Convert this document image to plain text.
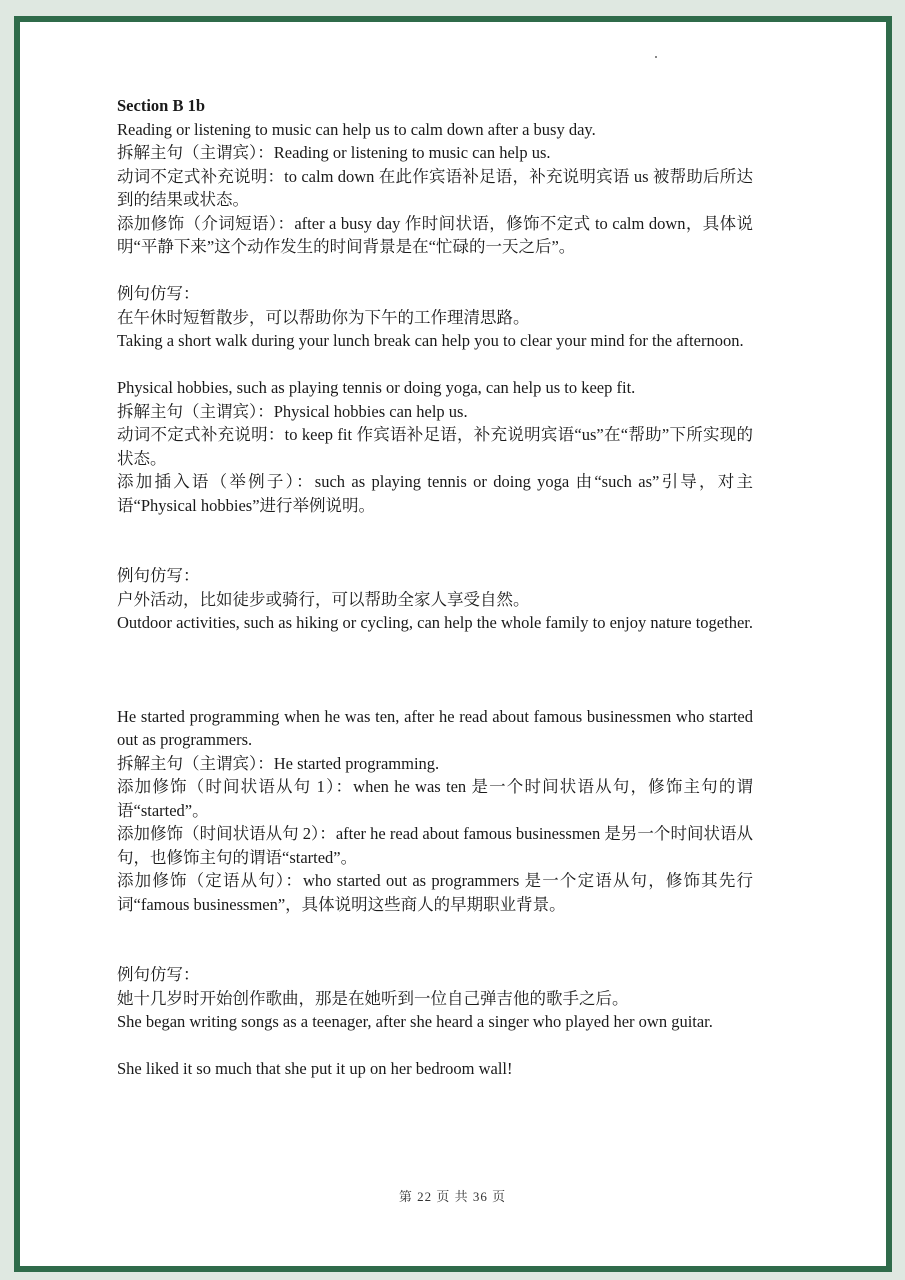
Section B 1b

Reading or listening to music can help us to calm down after a busy day.

拆解主句（主谓宾）：Reading or listening to music can help us.

动词不定式补充说明：to calm down 在此作宾语补足语，补充说明宾语 us 被帮助后所达到的结果或状态。

添加修饰（介词短语）：after a busy day 作时间状语，修饰不定式 to calm down，具体说明“平静下来”这个动作发生的时间背景是在“忙碌的一天之后”。

例句仿写：

在午休时短暂散步，可以帮助你为下午的工作理清思路。

Taking a short walk during your lunch break can help you to clear your mind for the afternoon.

Physical hobbies, such as playing tennis or doing yoga, can help us to keep fit.

拆解主句（主谓宾）：Physical hobbies can help us.

动词不定式补充说明：to keep fit 作宾语补足语，补充说明宾语“us”在“帮助”下所实现的状态。

添加插入语（举例子）：such as playing tennis or doing yoga 由“such as”引导，对主语“Physical hobbies”进行举例说明。

例句仿写：

户外活动，比如徒步或骑行，可以帮助全家人享受自然。

Outdoor activities, such as hiking or cycling, can help the whole family to enjoy nature together.

He started programming when he was ten, after he read about famous businessmen who started out as programmers.

拆解主句（主谓宾）：He started programming.

添加修饰（时间状语从句 1）：when he was ten 是一个时间状语从句，修饰主句的谓语“started”。

添加修饰（时间状语从句 2）：after he read about famous businessmen 是另一个时间状语从句，也修饰主句的谓语“started”。

添加修饰（定语从句）：who started out as programmers 是一个定语从句，修饰其先行词“famous businessmen”，具体说明这些商人的早期职业背景。

例句仿写：

她十几岁时开始创作歌曲，那是在她听到一位自己弹吉他的歌手之后。

She began writing songs as a teenager, after she heard a singer who played her own guitar.

She liked it so much that she put it up on her bedroom wall!

第 22 页 共 36 页
